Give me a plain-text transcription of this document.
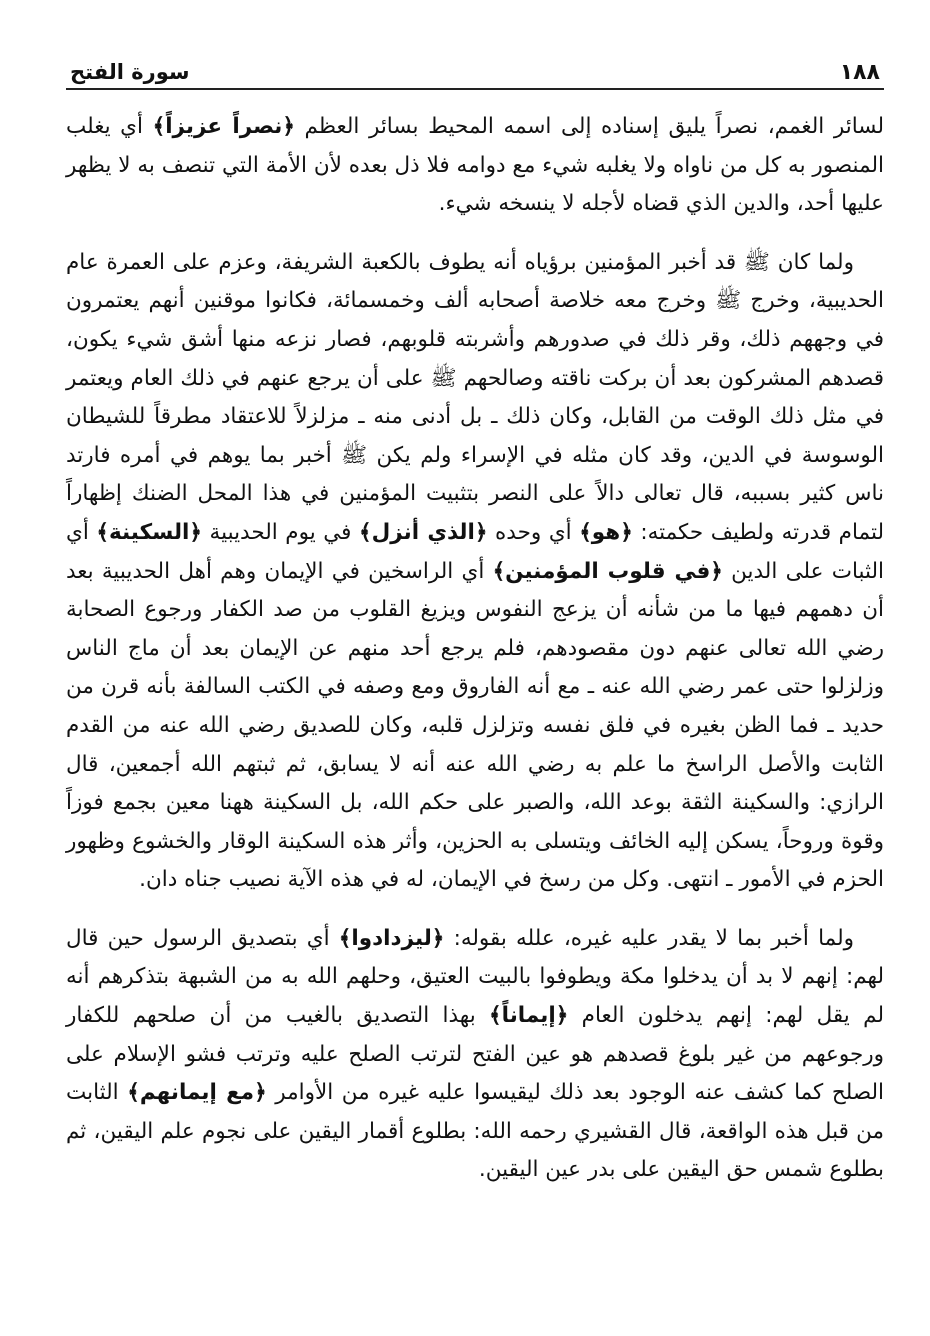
١٨٨
سورة الفتح

لسائر الغمم، نصراً يليق إسناده إلى اسمه المحيط بسائر العظم ﴿نصراً عزيزاً﴾ أي يغلب المنصور به كل من ناواه ولا يغلبه شيء مع دوامه فلا ذل بعده لأن الأمة التي تنصف به لا يظهر عليها أحد، والدين الذي قضاه لأجله لا ينسخه شيء.

ولما كان ﷺ قد أخبر المؤمنين برؤياه أنه يطوف بالكعبة الشريفة، وعزم على العمرة عام الحديبية، وخرج ﷺ وخرج معه خلاصة أصحابه ألف وخمسمائة، فكانوا موقنين أنهم يعتمرون في وجههم ذلك، وقر ذلك في صدورهم وأشربته قلوبهم، فصار نزعه منها أشق شيء يكون، قصدهم المشركون بعد أن بركت ناقته وصالحهم ﷺ على أن يرجع عنهم في ذلك العام ويعتمر في مثل ذلك الوقت من القابل، وكان ذلك ـ بل أدنى منه ـ مزلزلاً للاعتقاد مطرقاً للشيطان الوسوسة في الدين، وقد كان مثله في الإسراء ولم يكن ﷺ أخبر بما يوهم في أمره فارتد ناس كثير بسببه، قال تعالى دالاً على النصر بتثبيت المؤمنين في هذا المحل الضنك إظهاراً لتمام قدرته ولطيف حكمته: ﴿هو﴾ أي وحده ﴿الذي أنزل﴾ في يوم الحديبية ﴿السكينة﴾ أي الثبات على الدين ﴿في قلوب المؤمنين﴾ أي الراسخين في الإيمان وهم أهل الحديبية بعد أن دهمهم فيها ما من شأنه أن يزعج النفوس ويزيغ القلوب من صد الكفار ورجوع الصحابة رضي الله تعالى عنهم دون مقصودهم، فلم يرجع أحد منهم عن الإيمان بعد أن ماج الناس وزلزلوا حتى عمر رضي الله عنه ـ مع أنه الفاروق ومع وصفه في الكتب السالفة بأنه قرن من حديد ـ فما الظن بغيره في فلق نفسه وتزلزل قلبه، وكان للصديق رضي الله عنه من القدم الثابت والأصل الراسخ ما علم به رضي الله عنه أنه لا يسابق، ثم ثبتهم الله أجمعين، قال الرازي: والسكينة الثقة بوعد الله، والصبر على حكم الله، بل السكينة ههنا معين بجمع فوزاً وقوة وروحاً، يسكن إليه الخائف ويتسلى به الحزين، وأثر هذه السكينة الوقار والخشوع وظهور الحزم في الأمور ـ انتهى. وكل من رسخ في الإيمان، له في هذه الآية نصيب جناه دان.

ولما أخبر بما لا يقدر عليه غيره، علله بقوله: ﴿ليزدادوا﴾ أي بتصديق الرسول حين قال لهم: إنهم لا بد أن يدخلوا مكة ويطوفوا بالبيت العتيق، وحلهم الله به من الشبهة بتذكرهم أنه لم يقل لهم: إنهم يدخلون العام ﴿إيماناً﴾ بهذا التصديق بالغيب من أن صلحهم للكفار ورجوعهم من غير بلوغ قصدهم هو عين الفتح لترتب الصلح عليه وترتب فشو الإسلام على الصلح كما كشف عنه الوجود بعد ذلك ليقيسوا عليه غيره من الأوامر ﴿مع إيمانهم﴾ الثابت من قبل هذه الواقعة، قال القشيري رحمه الله: بطلوع أقمار اليقين على نجوم علم اليقين، ثم بطلوع شمس حق اليقين على بدر عين اليقين.
